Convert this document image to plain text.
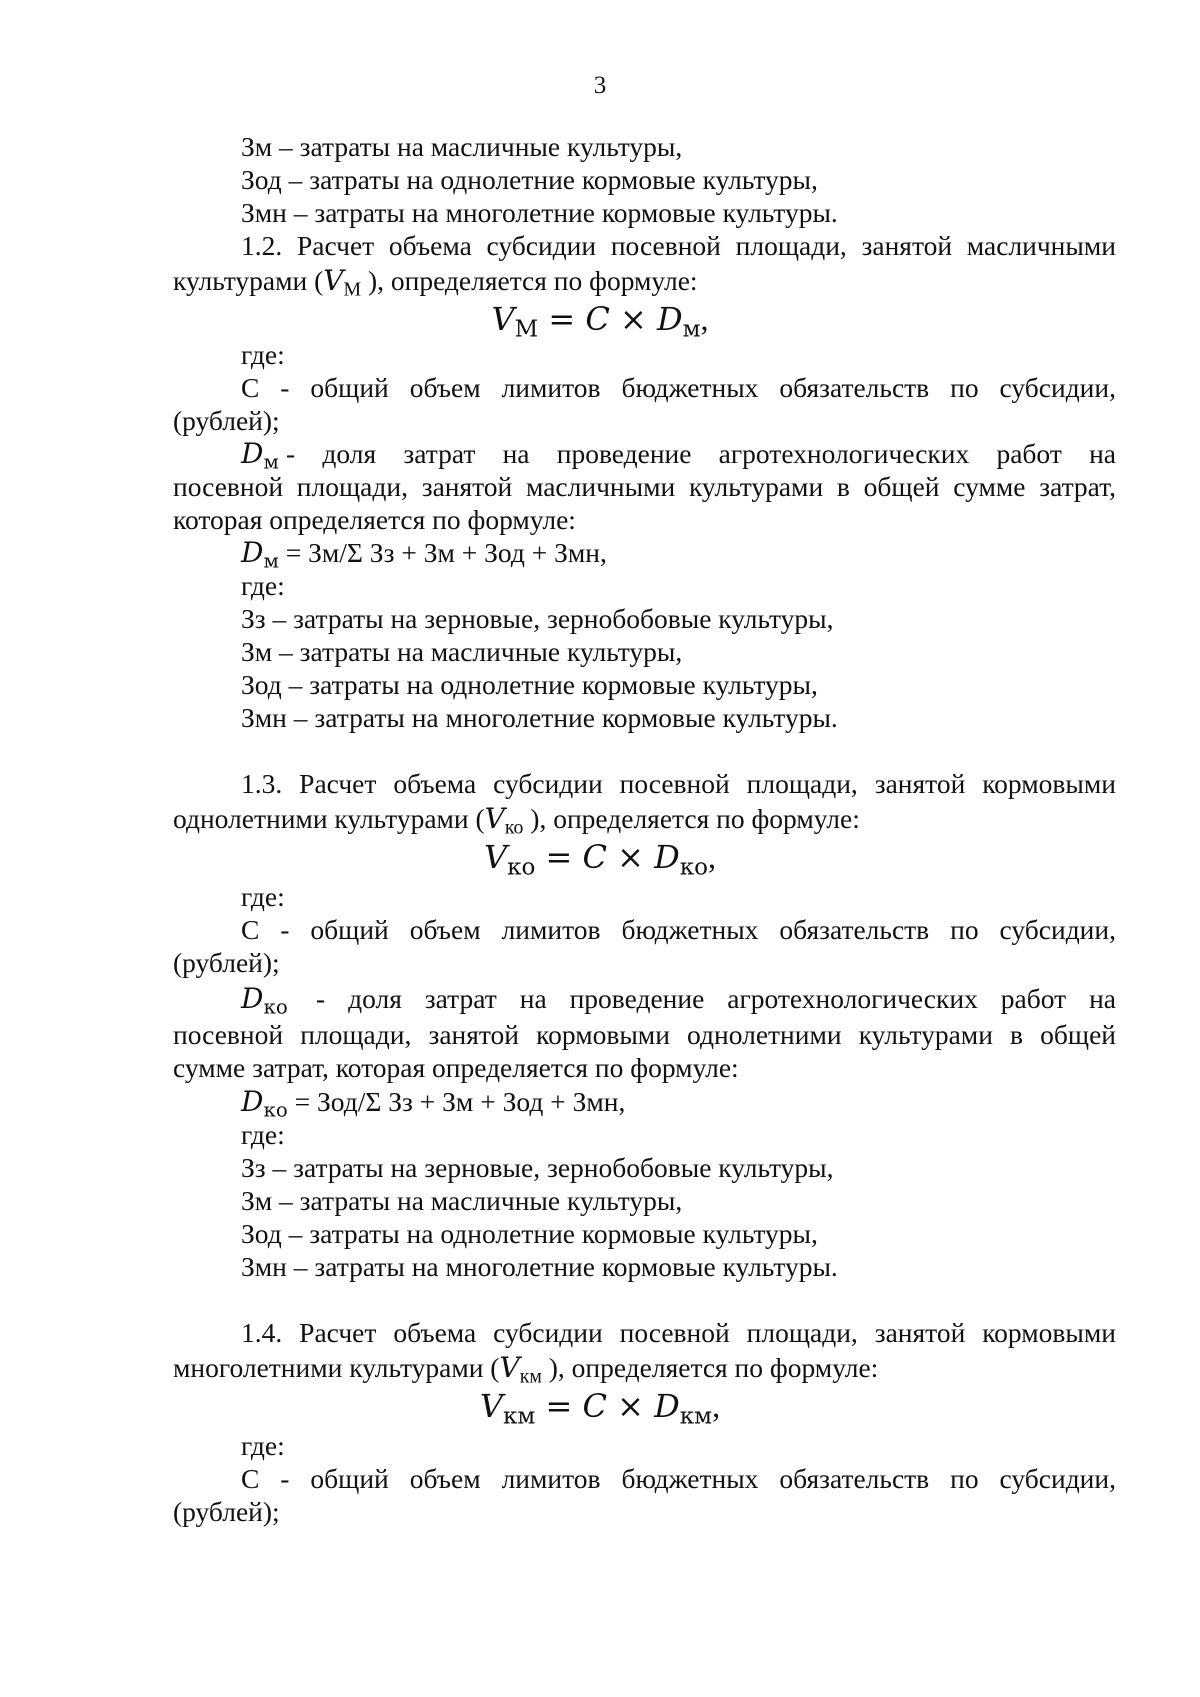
3
Зм – затраты на масличные культуры,
Зод – затраты на однолетние кормовые культуры,
Змн – затраты на многолетние кормовые культуры.
1.2. Расчет объема субсидии посевной площади, занятой масличными
культурами ($V_М$ ), определяется по формуле:
$V_М = C \times D_м$,
где:
С - общий объем лимитов бюджетных обязательств по субсидии,
(рублей);
$D_м$ - доля затрат на проведение агротехнологических работ на
посевной площади, занятой масличными культурами в общей сумме затрат,
которая определяется по формуле:
$D_м = Зм/\Sigma$ Зз + Зм + Зод + Змн,
где:
Зз – затраты на зерновые, зернобобовые культуры,
Зм – затраты на масличные культуры,
Зод – затраты на однолетние кормовые культуры,
Змн – затраты на многолетние кормовые культуры.
1.3. Расчет объема субсидии посевной площади, занятой кормовыми
однолетними культурами ($V_{ко}$ ), определяется по формуле:
$V_{ко} = C \times D_{ко}$,
где:
С - общий объем лимитов бюджетных обязательств по субсидии,
(рублей);
$D_{ко}$ - доля затрат на проведение агротехнологических работ на
посевной площади, занятой кормовыми однолетними культурами в общей
сумме затрат, которая определяется по формуле:
$D_{ко} = Зод/\Sigma$ Зз + Зм + Зод + Змн,
где:
Зз – затраты на зерновые, зернобобовые культуры,
Зм – затраты на масличные культуры,
Зод – затраты на однолетние кормовые культуры,
Змн – затраты на многолетние кормовые культуры.
1.4. Расчет объема субсидии посевной площади, занятой кормовыми
многолетними культурами ($V_{км}$ ), определяется по формуле:
$V_{км} = C \times D_{км}$,
где:
С - общий объем лимитов бюджетных обязательств по субсидии,
(рублей);
